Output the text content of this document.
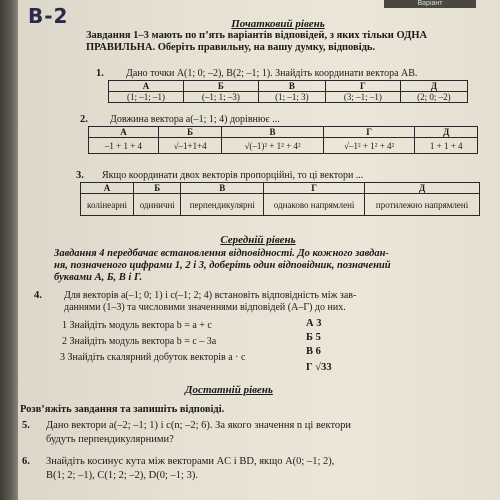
В-2
Варіант
Початковий рівень
Завдання 1–3 мають по п’ять варіантів відповідей, з яких тільки ОДНА
ПРАВИЛЬНА. Оберіть правильну, на вашу думку, відповідь.
1. Дано точки A(1; 0; –2), B(2; –1; 1). Знайдіть координати вектора AB.
А	Б	В	Г	Д
(1; –1; –1)	(–1; 1; –3)	(1; –1; 3)	(3; –1; –1)	(2; 0; –2)
2. Довжина вектора a(–1; 1; 4) дорівнює ...
А	Б	В	Г	Д
–1 + 1 + 4	√–1+1+4	√(–1)² + 1² + 4²	√–1² + 1² + 4²	1 + 1 + 4
3. Якщо координати двох векторів пропорційні, то ці вектори ...
А	Б	В	Г	Д
колінеарні	одиничні	перпендикулярні	однаково напрямлені	протилежно напрямлені
Середній рівень
Завдання 4 передбачає встановлення відповідності. До кожного завдан-
ня, позначеного цифрами 1, 2 і 3, доберіть один відповідник, позначений
буквами А, Б, В і Г.
4. Для векторів a(–1; 0; 1) і c(–1; 2; 4) встановіть відповідність між зав-
даннями (1–3) та числовими значеннями відповідей (А–Г) до них.
1 Знайдіть модуль вектора b = a + c
2 Знайдіть модуль вектора b = c – 3a
3 Знайдіть скалярний добуток векторів a · c
А 3
Б 5
В 6
Г √33
Достатній рівень
Розв’яжіть завдання та запишіть відповіді.
5. Дано вектори a(–2; –1; 1) і c(n; –2; 6). За якого значення n ці вектори
будуть перпендикулярними?
6. Знайдіть косинус кута між векторами AC і BD, якщо A(0; –1; 2),
B(1; 2; –1), C(1; 2; –2), D(0; –1; 3).
